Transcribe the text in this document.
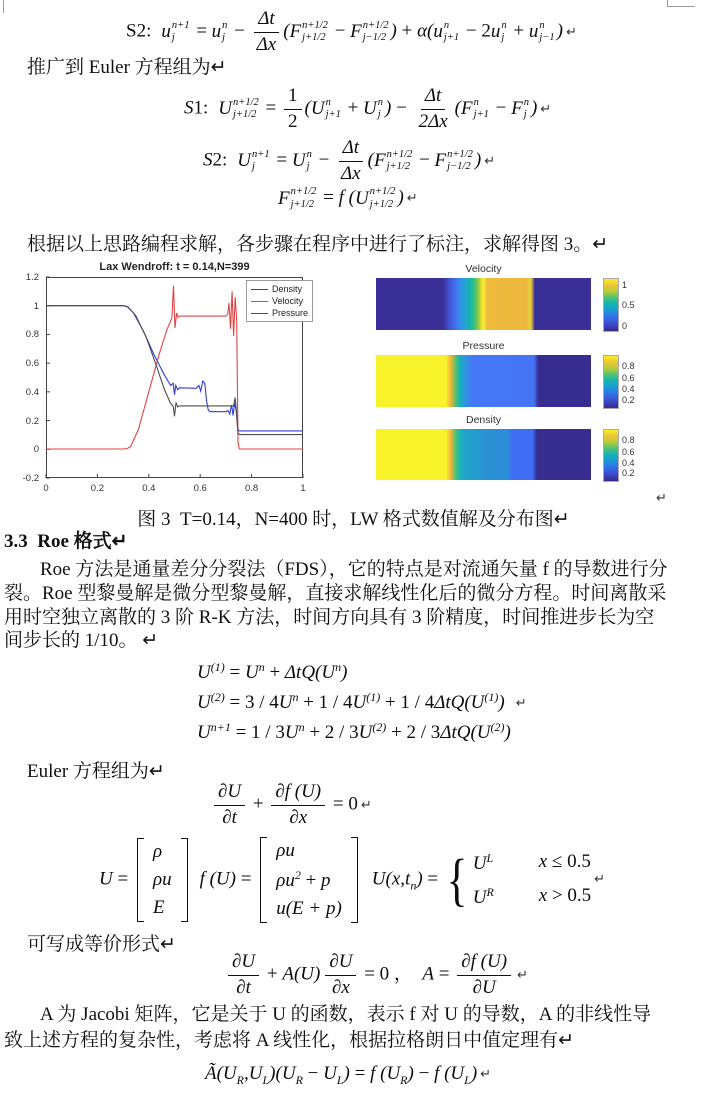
S2: u n+1
j = u n
$j - \frac{\Delta t}{\Delta x}$ ( F n+1/2
j+1/2 − F n+1/2
j−1/2 ) + α( u n
j+1 − 2 u n
j + u n
j−1 ) ↵
推广到 Euler 方程组为↵
S1: U n+1/2
$j+1/2 = \frac{1}{2}$ ( U n
j+1 + U n
j ) − $\frac{\Delta t}{2\Delta x}$ ( F n
j+1 − F n
j ) ↵
S2: U n+1
j = U n
$j - \frac{\Delta t}{\Delta x}$ ( F n+1/2
j+1/2 − F n+1/2
j−1/2 ) ↵
F n+1/2
j+1/2 = f ( U n+1/2
j+1/2 ) ↵
根据以上思路编程求解，各步骤在程序中进行了标注，求解得图 3。↵
Lax Wendroff: t = 0.14,N=399
-0.2
0
0.2
0.4
0.6
0.8
1
1.2
0	0.2	0.4	0.6	0.8	1
Density
Velocity
Pressure
Velocity
1
0.5
0
Pressure
0.8
0.6
0.4
0.2
Density
0.8
0.6
0.4
0.2
↵
图 3  T=0.14，N=400 时，LW 格式数值解及分布图↵
3.3  Roe 格式↵
Roe 方法是通量差分分裂法（FDS），它的特点是对流通矢量 f 的导数进行分
裂。Roe 型黎曼解是微分型黎曼解，直接求解线性化后的微分方程。时间离散采
用时空独立离散的 3 阶 R-K 方法，时间方向具有 3 阶精度，时间推进步长为空
间步长的 1/10。 ↵
$U^{(1)} = U^n + \Delta tQ(U^n)$
$U^{(2)} = 3 / 4U^n + 1 / 4U^{(1)} + 1 / 4\Delta tQ(U^{(1)})$ ↵
$U^{n+1} = 1 / 3U^n + 2 / 3U^{(2)} + 2 / 3\Delta tQ(U^{(2)})$
Euler 方程组为↵
$\frac{\partial U}{\partial t} + \frac{\partial f (U)}{\partial x} = 0$ ↵
U =
ρ
ρu
E
f (U) =
ρu
$\rho u^2 + p$
u(E + p)
$U(x,t_n)$ = { $U^L$	x ≤ 0.5
$U^R$	x > 0.5
↵
可写成等价形式↵
$\frac{\partial U}{\partial t} + A(U) \frac{\partial U}{\partial x} = 0$ ，  $A = \frac{\partial f (U)}{\partial U}$ ↵
A 为 Jacobi 矩阵，它是关于 U 的函数，表示 f 对 U 的导数，A 的非线性导
致上述方程的复杂性，考虑将 A 线性化，根据拉格朗日中值定理有↵
$Ã(U_R,U_L)(U_R - U_L) = f$ $(U_R) - f$ $(U_L)$ ↵
